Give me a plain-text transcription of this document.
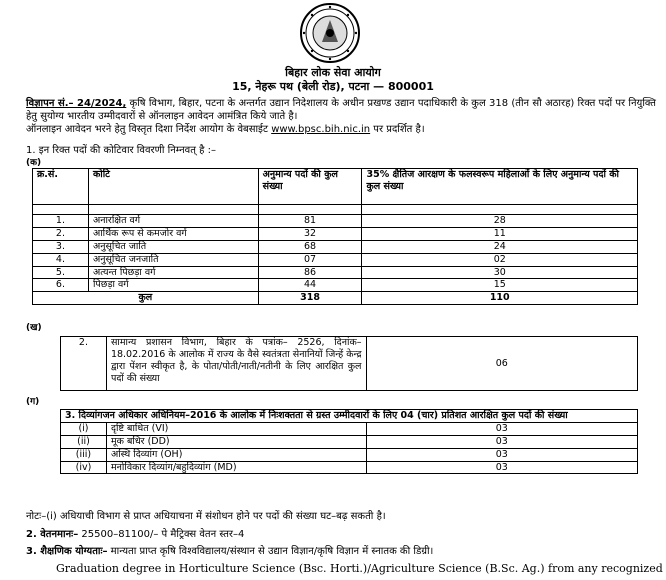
बिहार लोक सेवा आयोग
15, नेहरू पथ (बेली रोड), पटना — 800001
विज्ञापन सं.– 24/2024, कृषि विभाग, बिहार, पटना के अन्तर्गत उद्यान निदेशालय के अधीन प्रखण्ड उद्यान पदाधिकारी के कुल 318 (तीन सौ अठारह) रिक्त पदों पर नियुक्ति हेतु सुयोग्य भारतीय उम्मीदवारों से ऑनलाइन आवेदन आमंत्रित किये जाते है।
ऑनलाइन आवेदन भरने हेतु विस्तृत दिशा निर्देश आयोग के वेबसाईट www.bpsc.bih.nic.in पर प्रदर्शित है।
1. इन रिक्त पदों की कोटिवार विवरणी निम्नवत् है :–
(क)
क्र.सं.	कोटि	अनुमान्य पदों की कुल संख्या	35% क्षैतिज आरक्षण के फलस्वरूप महिलाओं के लिए अनुमान्य पदों की कुल संख्या

1.	अनारक्षित वर्ग	81	28
2.	आर्थिक रूप से कमजोर वर्ग	32	11
3.	अनुसूचित जाति	68	24
4.	अनुसूचित जनजाति	07	02
5.	अत्यन्त पिछड़ा वर्ग	86	30
6.	पिछड़ा वर्ग	44	15
कुल		318	110
(ख)
2.	सामान्य प्रशासन विभाग, बिहार के पत्रांक– 2526, दिनांक– 18.02.2016 के आलोक में राज्य के वैसे स्वतंत्रता सेनानियों जिन्हें केन्द्र द्वारा पेंशन स्वीकृत है, के पोता/पोती/नाती/नतीनी के लिए आरक्षित कुल पदों की संख्या	06
(ग)
3. दिव्यांगजन अधिकार अधिनियम–2016 के आलोक में निःशक्तता से ग्रस्त उम्मीदवारों के लिए 04 (चार) प्रतिशत आरक्षित कुल पदों की संख्या		
(i)	दृष्टि बाधित (VI)	03
(ii)	मूक बधिर (DD)	03
(iii)	अस्थि दिव्यांग (OH)	03
(iv)	मनोविकार दिव्यांग/बहुदिव्यांग (MD)	03
नोटः–(i) अधियाची विभाग से प्राप्त अधियाचना में संशोधन होने पर पदों की संख्या घट–बढ़ सकती है।
2. वेतनमानः– 25500–81100/– पे मैट्रिक्स वेतन स्तर–4
3. शैक्षणिक योग्यताः– मान्यता प्राप्त कृषि विश्वविद्यालय/संस्थान से उद्यान विज्ञान/कृषि विज्ञान में स्नातक की डिग्री।
Graduation degree in Horticulture Science (Bsc. Horti.)/Agriculture Science (B.Sc. Ag.) from any recognized
